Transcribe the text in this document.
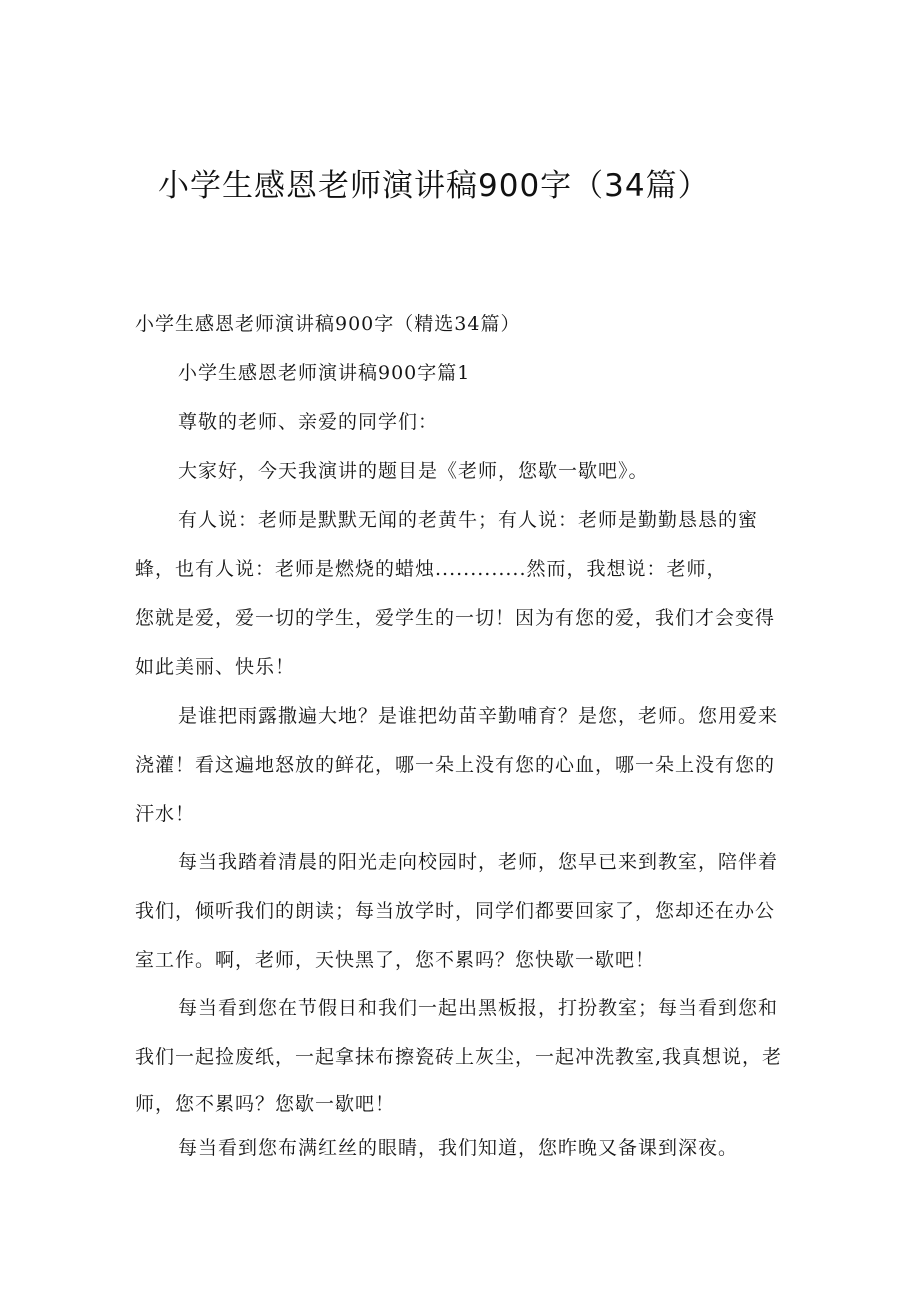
小学生感恩老师演讲稿900字（34篇）

小学生感恩老师演讲稿900字（精选34篇）

小学生感恩老师演讲稿900字篇1

尊敬的老师、亲爱的同学们：

大家好，今天我演讲的题目是《老师，您歇一歇吧》。

有人说：老师是默默无闻的老黄牛；有人说：老师是勤勤恳恳的蜜

蜂，也有人说：老师是燃烧的蜡烛.............然而，我想说：老师，

您就是爱，爱一切的学生，爱学生的一切！因为有您的爱，我们才会变得

如此美丽、快乐！

是谁把雨露撒遍大地？是谁把幼苗辛勤哺育？是您，老师。您用爱来

浇灌！看这遍地怒放的鲜花，哪一朵上没有您的心血，哪一朵上没有您的

汗水！

每当我踏着清晨的阳光走向校园时，老师，您早已来到教室，陪伴着

我们，倾听我们的朗读；每当放学时，同学们都要回家了，您却还在办公

室工作。啊，老师，天快黑了，您不累吗？您快歇一歇吧！

每当看到您在节假日和我们一起出黑板报，打扮教室；每当看到您和

我们一起捡废纸，一起拿抹布擦瓷砖上灰尘，一起冲洗教室,我真想说，老

师，您不累吗？您歇一歇吧！

每当看到您布满红丝的眼睛，我们知道，您昨晚又备课到深夜。
